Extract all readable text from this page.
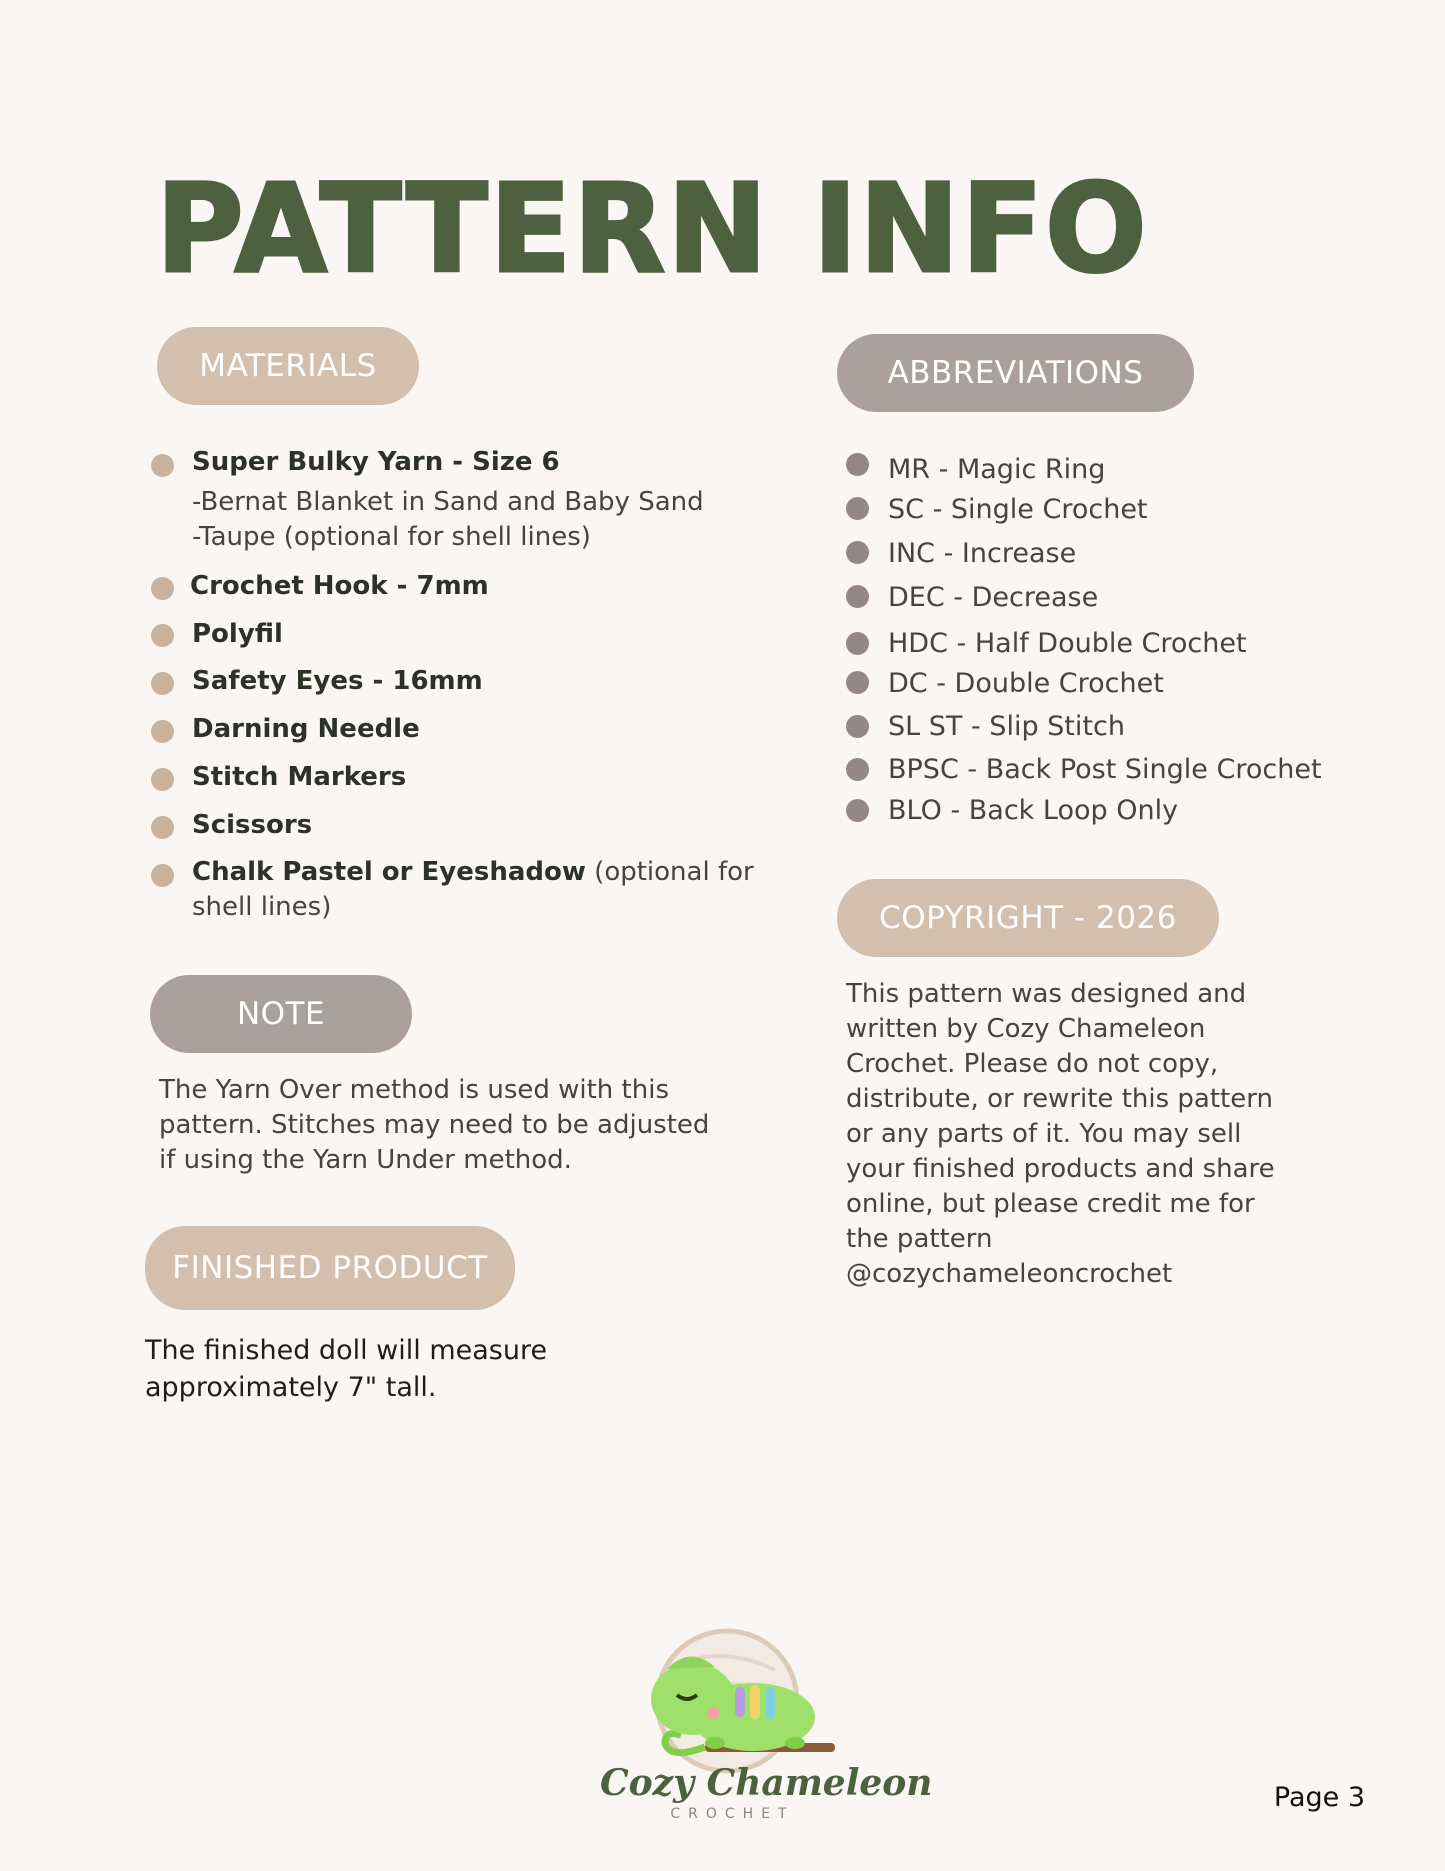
PATTERN INFO
MATERIALS	ABBREVIATIONS
NOTE
FINISHED PRODUCT
COPYRIGHT - 2026
Super Bulky Yarn - Size 6
-Bernat Blanket in Sand and Baby Sand
-Taupe (optional for shell lines)
Crochet Hook - 7mm
Polyfil
Safety Eyes - 16mm
Darning Needle
Stitch Markers
Scissors
Chalk Pastel or Eyeshadow (optional for
shell lines)
MR - Magic Ring
SC - Single Crochet
INC - Increase
DEC - Decrease
HDC - Half Double Crochet
DC - Double Crochet
SL ST - Slip Stitch
BPSC - Back Post Single Crochet
BLO - Back Loop Only
The Yarn Over method is used with this
pattern. Stitches may need to be adjusted
if using the Yarn Under method.
The finished doll will measure
approximately 7" tall.
This pattern was designed and
written by Cozy Chameleon
Crochet. Please do not copy,
distribute, or rewrite this pattern
or any parts of it. You may sell
your finished products and share
online, but please credit me for
the pattern
@cozychameleoncrochet
Cozy Chameleon
CROCHET
Page 3
